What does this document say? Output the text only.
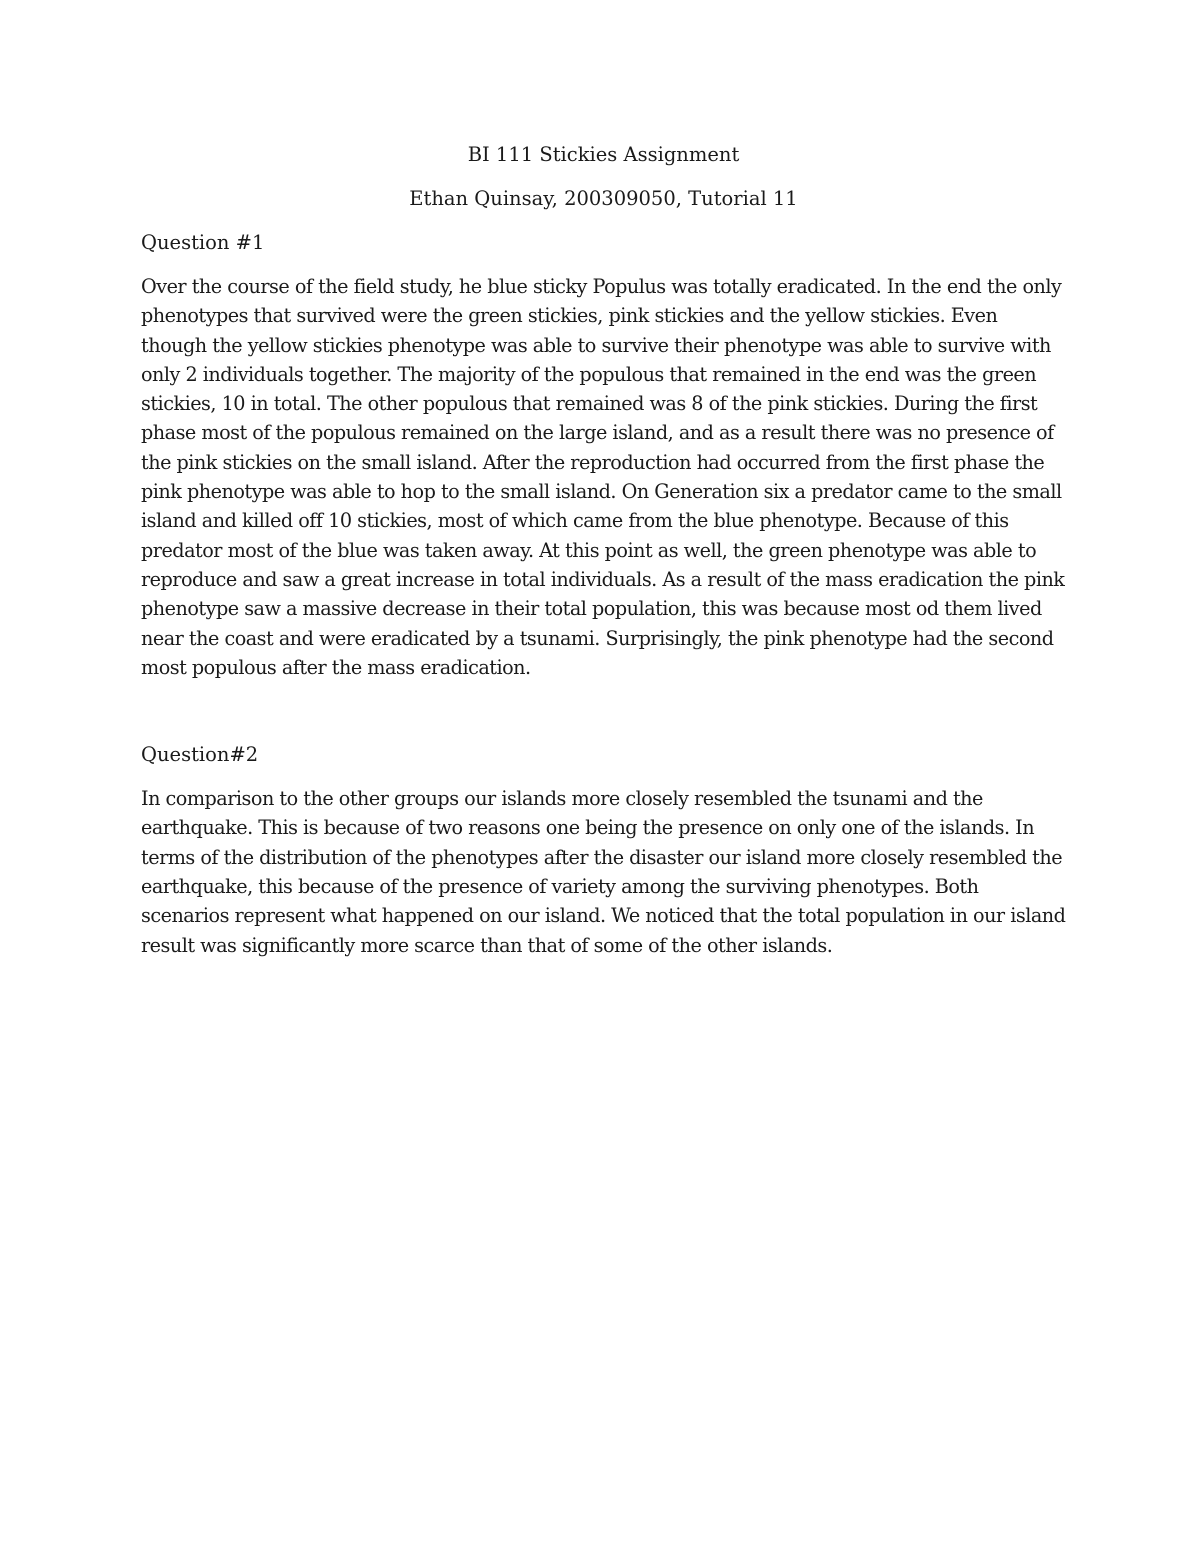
BI 111 Stickies Assignment

Ethan Quinsay, 200309050, Tutorial 11

Question #1

Over the course of the field study, he blue sticky Populus was totally eradicated. In the end the only phenotypes that survived were the green stickies, pink stickies and the yellow stickies. Even though the yellow stickies phenotype was able to survive their phenotype was able to survive with only 2 individuals together. The majority of the populous that remained in the end was the green stickies, 10 in total. The other populous that remained was 8 of the pink stickies. During the first phase most of the populous remained on the large island, and as a result there was no presence of the pink stickies on the small island. After the reproduction had occurred from the first phase the pink phenotype was able to hop to the small island. On Generation six a predator came to the small island and killed off 10 stickies, most of which came from the blue phenotype. Because of this predator most of the blue was taken away. At this point as well, the green phenotype was able to reproduce and saw a great increase in total individuals. As a result of the mass eradication the pink phenotype saw a massive decrease in their total population, this was because most od them lived near the coast and were eradicated by a tsunami. Surprisingly, the pink phenotype had the second most populous after the mass eradication.

Question#2

In comparison to the other groups our islands more closely resembled the tsunami and the earthquake. This is because of two reasons one being the presence on only one of the islands. In terms of the distribution of the phenotypes after the disaster our island more closely resembled the earthquake, this because of the presence of variety among the surviving phenotypes. Both scenarios represent what happened on our island. We noticed that the total population in our island result was significantly more scarce than that of some of the other islands.
